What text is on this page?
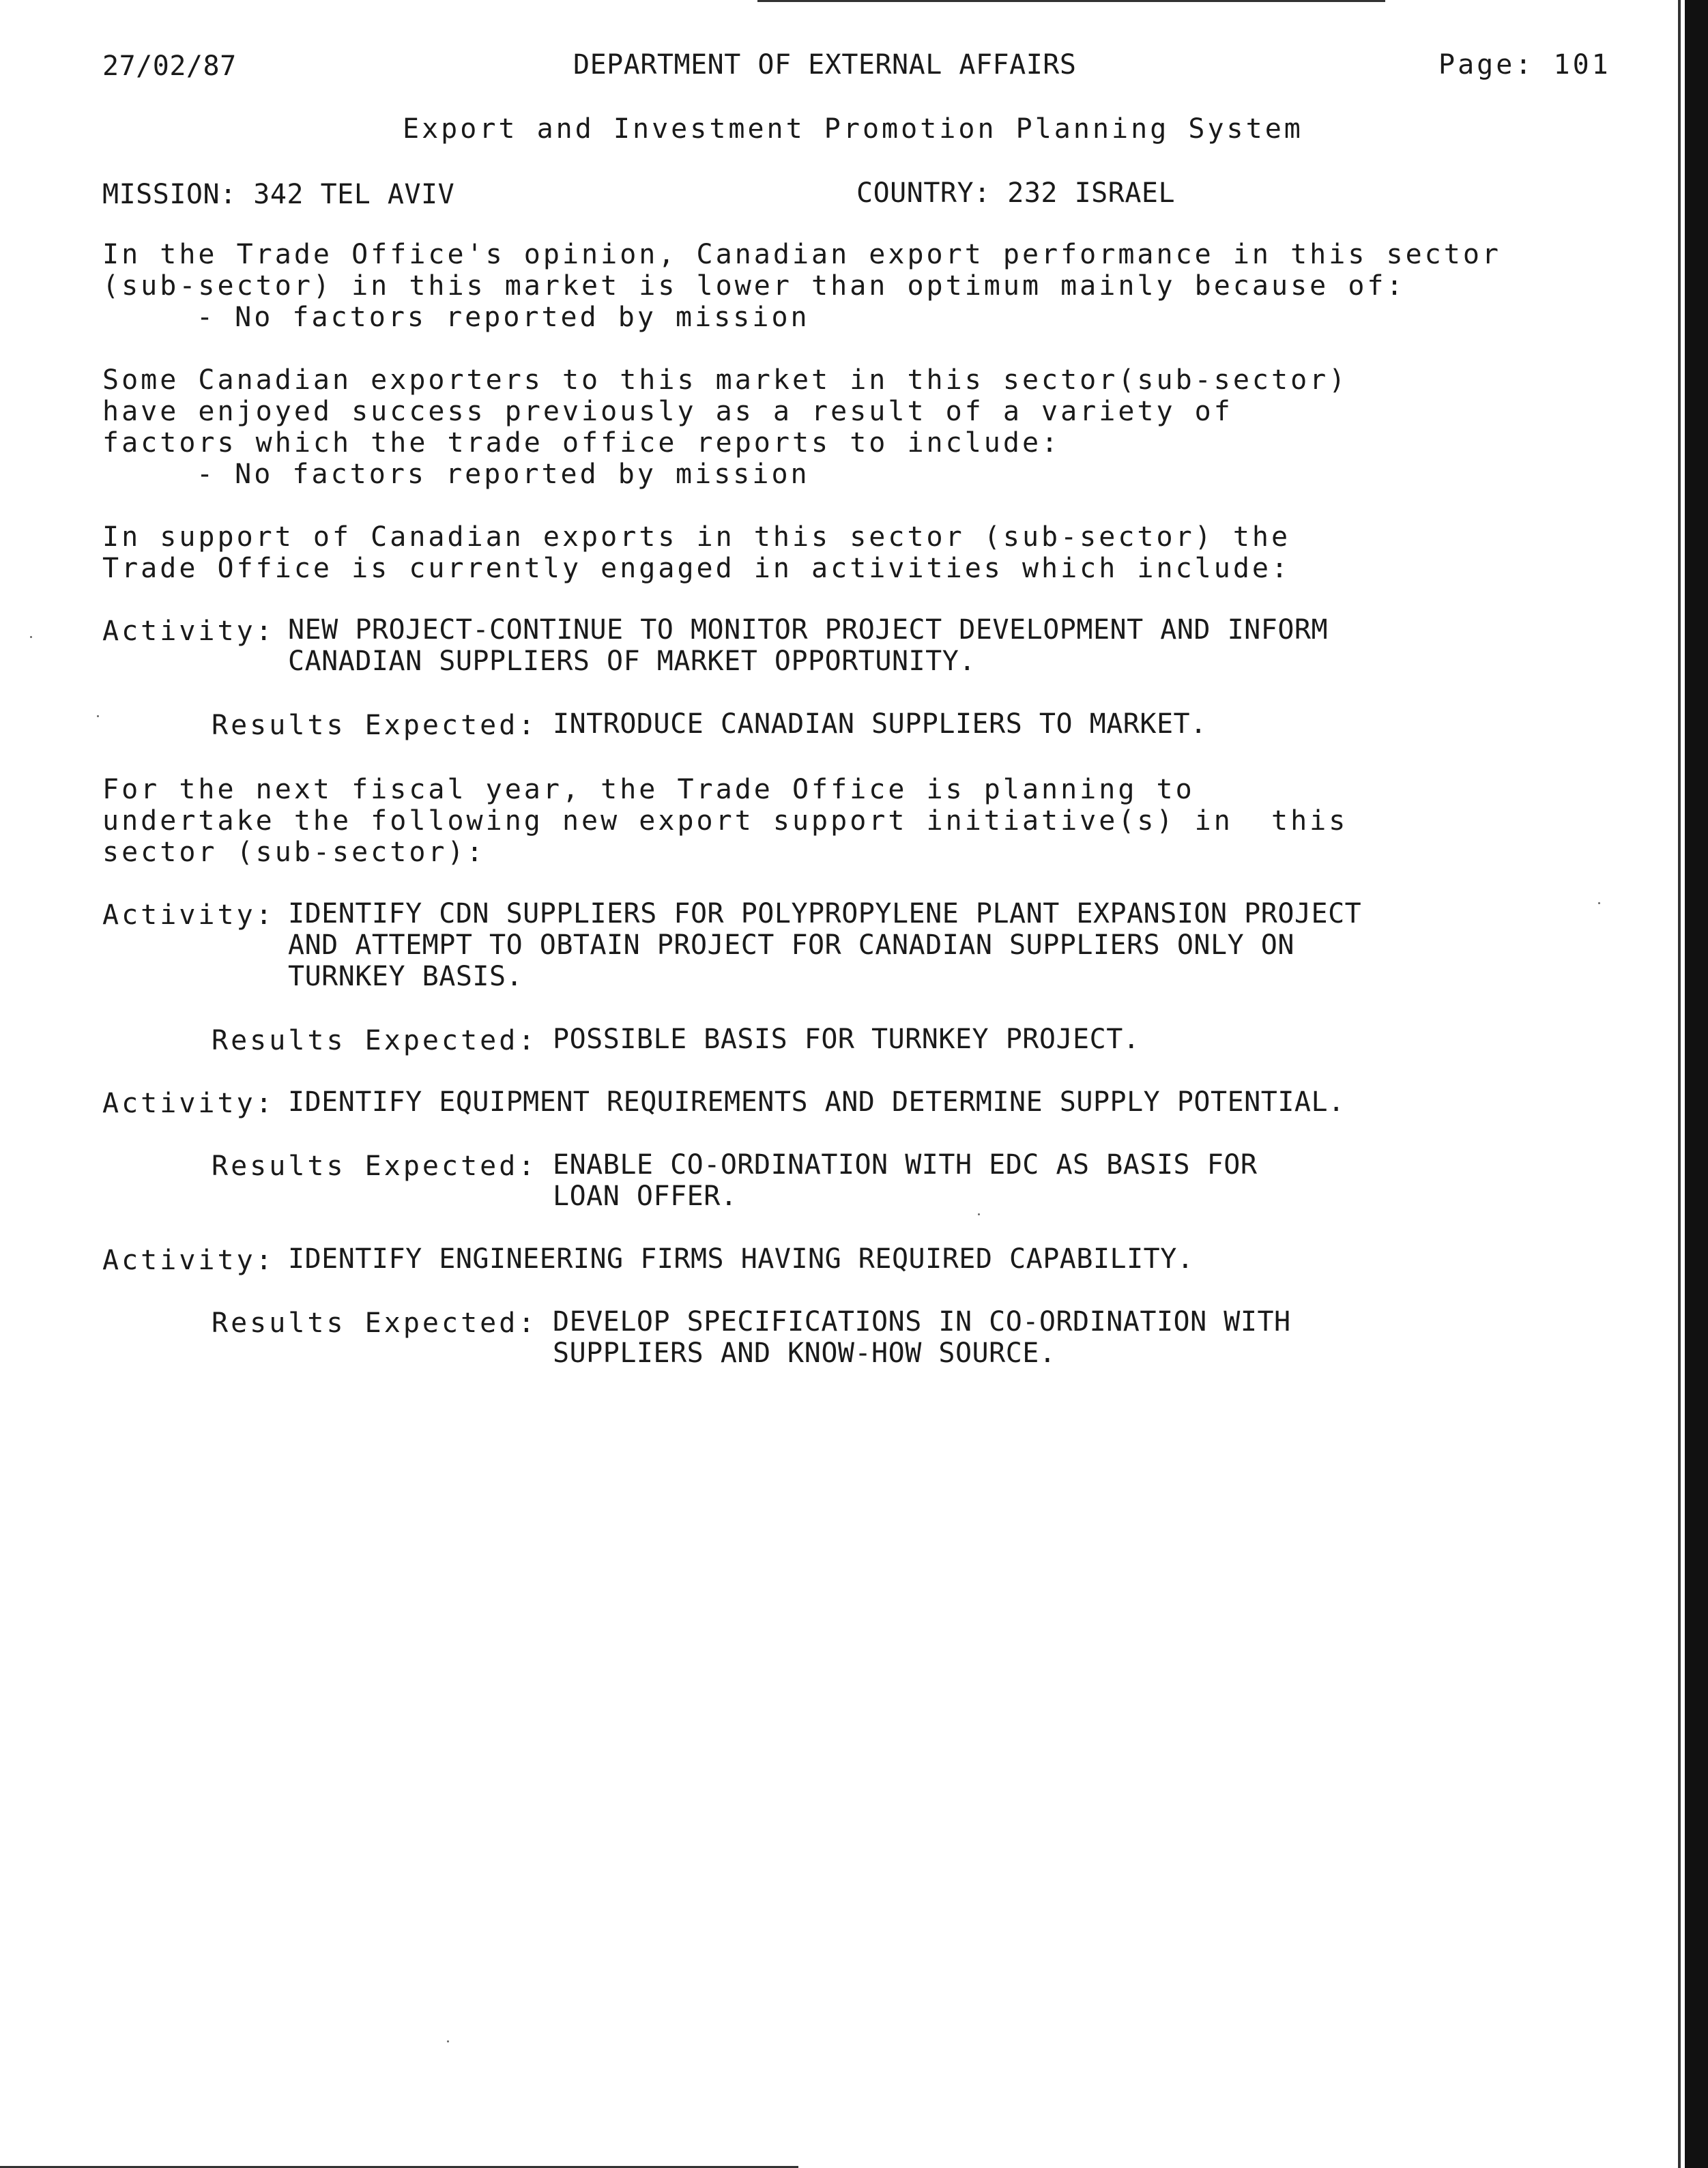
27/02/87	DEPARTMENT OF EXTERNAL AFFAIRS	Page: 101
Export and Investment Promotion Planning System
MISSION: 342 TEL AVIV	COUNTRY: 232 ISRAEL
In the Trade Office's opinion, Canadian export performance in this sector
(sub-sector) in this market is lower than optimum mainly because of:
- No factors reported by mission
Some Canadian exporters to this market in this sector(sub-sector)
have enjoyed success previously as a result of a variety of
factors which the trade office reports to include:
- No factors reported by mission
In support of Canadian exports in this sector (sub-sector) the
Trade Office is currently engaged in activities which include:
Activity: NEW PROJECT-CONTINUE TO MONITOR PROJECT DEVELOPMENT AND INFORM
CANADIAN SUPPLIERS OF MARKET OPPORTUNITY.
Results Expected: INTRODUCE CANADIAN SUPPLIERS TO MARKET.
For the next fiscal year, the Trade Office is planning to
undertake the following new export support initiative(s) in  this
sector (sub-sector):
Activity: IDENTIFY CDN SUPPLIERS FOR POLYPROPYLENE PLANT EXPANSION PROJECT
AND ATTEMPT TO OBTAIN PROJECT FOR CANADIAN SUPPLIERS ONLY ON
TURNKEY BASIS.
Results Expected: POSSIBLE BASIS FOR TURNKEY PROJECT.
Activity: IDENTIFY EQUIPMENT REQUIREMENTS AND DETERMINE SUPPLY POTENTIAL.
Results Expected: ENABLE CO-ORDINATION WITH EDC AS BASIS FOR
LOAN OFFER.
Activity: IDENTIFY ENGINEERING FIRMS HAVING REQUIRED CAPABILITY.
Results Expected: DEVELOP SPECIFICATIONS IN CO-ORDINATION WITH
SUPPLIERS AND KNOW-HOW SOURCE.
